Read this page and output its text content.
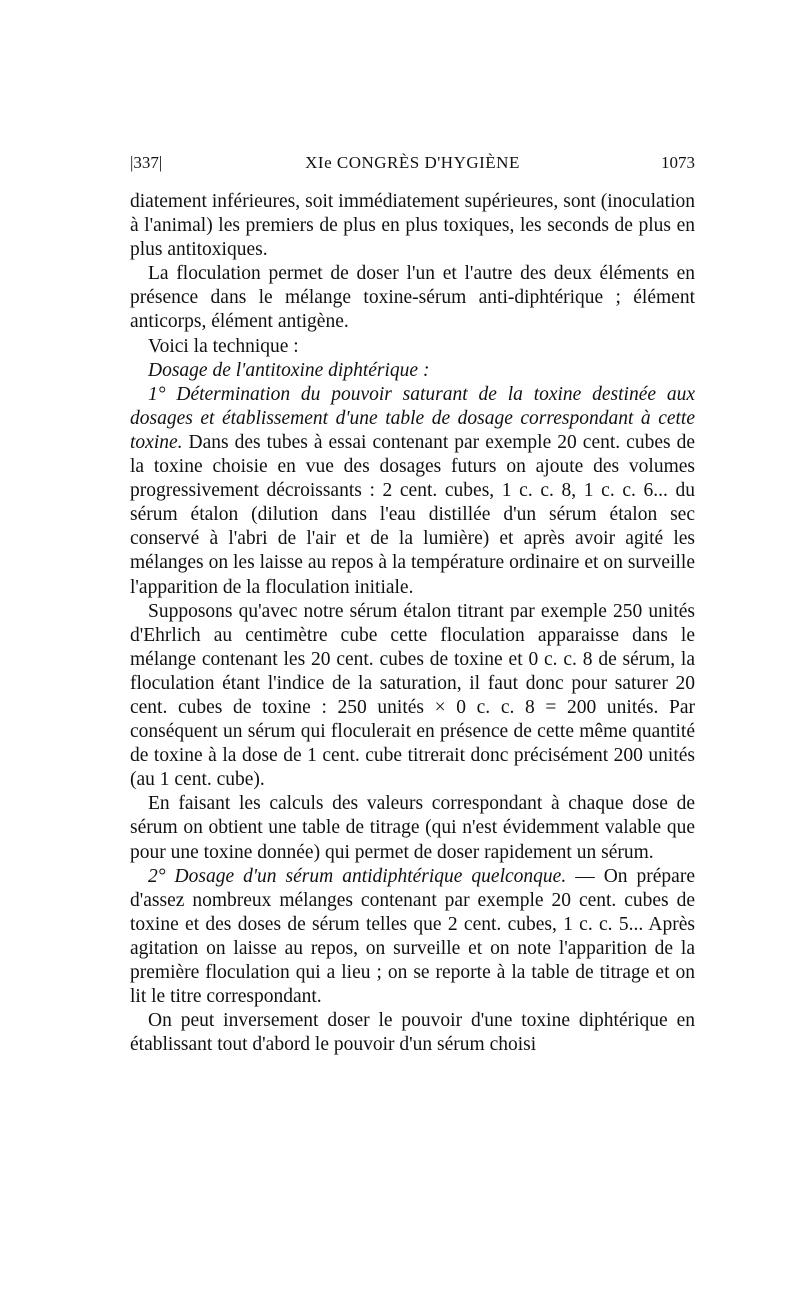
|337|	XIe CONGRÈS D'HYGIÈNE	1073

diatement inférieures, soit immédiatement supérieures, sont (inoculation à l'animal) les premiers de plus en plus toxiques, les seconds de plus en plus antitoxiques.

La floculation permet de doser l'un et l'autre des deux éléments en présence dans le mélange toxine-sérum anti-diphtérique ; élément anticorps, élément antigène.

Voici la technique :

Dosage de l'antitoxine diphtérique :

1° Détermination du pouvoir saturant de la toxine destinée aux dosages et établissement d'une table de dosage correspondant à cette toxine. Dans des tubes à essai contenant par exemple 20 cent. cubes de la toxine choisie en vue des dosages futurs on ajoute des volumes progressivement décroissants : 2 cent. cubes, 1 c. c. 8, 1 c. c. 6... du sérum étalon (dilution dans l'eau distillée d'un sérum étalon sec conservé à l'abri de l'air et de la lumière) et après avoir agité les mélanges on les laisse au repos à la température ordinaire et on surveille l'apparition de la floculation initiale.

Supposons qu'avec notre sérum étalon titrant par exemple 250 unités d'Ehrlich au centimètre cube cette floculation apparaisse dans le mélange contenant les 20 cent. cubes de toxine et 0 c. c. 8 de sérum, la floculation étant l'indice de la saturation, il faut donc pour saturer 20 cent. cubes de toxine : 250 unités × 0 c. c. 8 = 200 unités. Par conséquent un sérum qui floculerait en présence de cette même quantité de toxine à la dose de 1 cent. cube titrerait donc précisément 200 unités (au 1 cent. cube).

En faisant les calculs des valeurs correspondant à chaque dose de sérum on obtient une table de titrage (qui n'est évidemment valable que pour une toxine donnée) qui permet de doser rapidement un sérum.

2° Dosage d'un sérum antidiphtérique quelconque. — On prépare d'assez nombreux mélanges contenant par exemple 20 cent. cubes de toxine et des doses de sérum telles que 2 cent. cubes, 1 c. c. 5... Après agitation on laisse au repos, on surveille et on note l'apparition de la première floculation qui a lieu ; on se reporte à la table de titrage et on lit le titre correspondant.

On peut inversement doser le pouvoir d'une toxine diphtérique en établissant tout d'abord le pouvoir d'un sérum choisi
